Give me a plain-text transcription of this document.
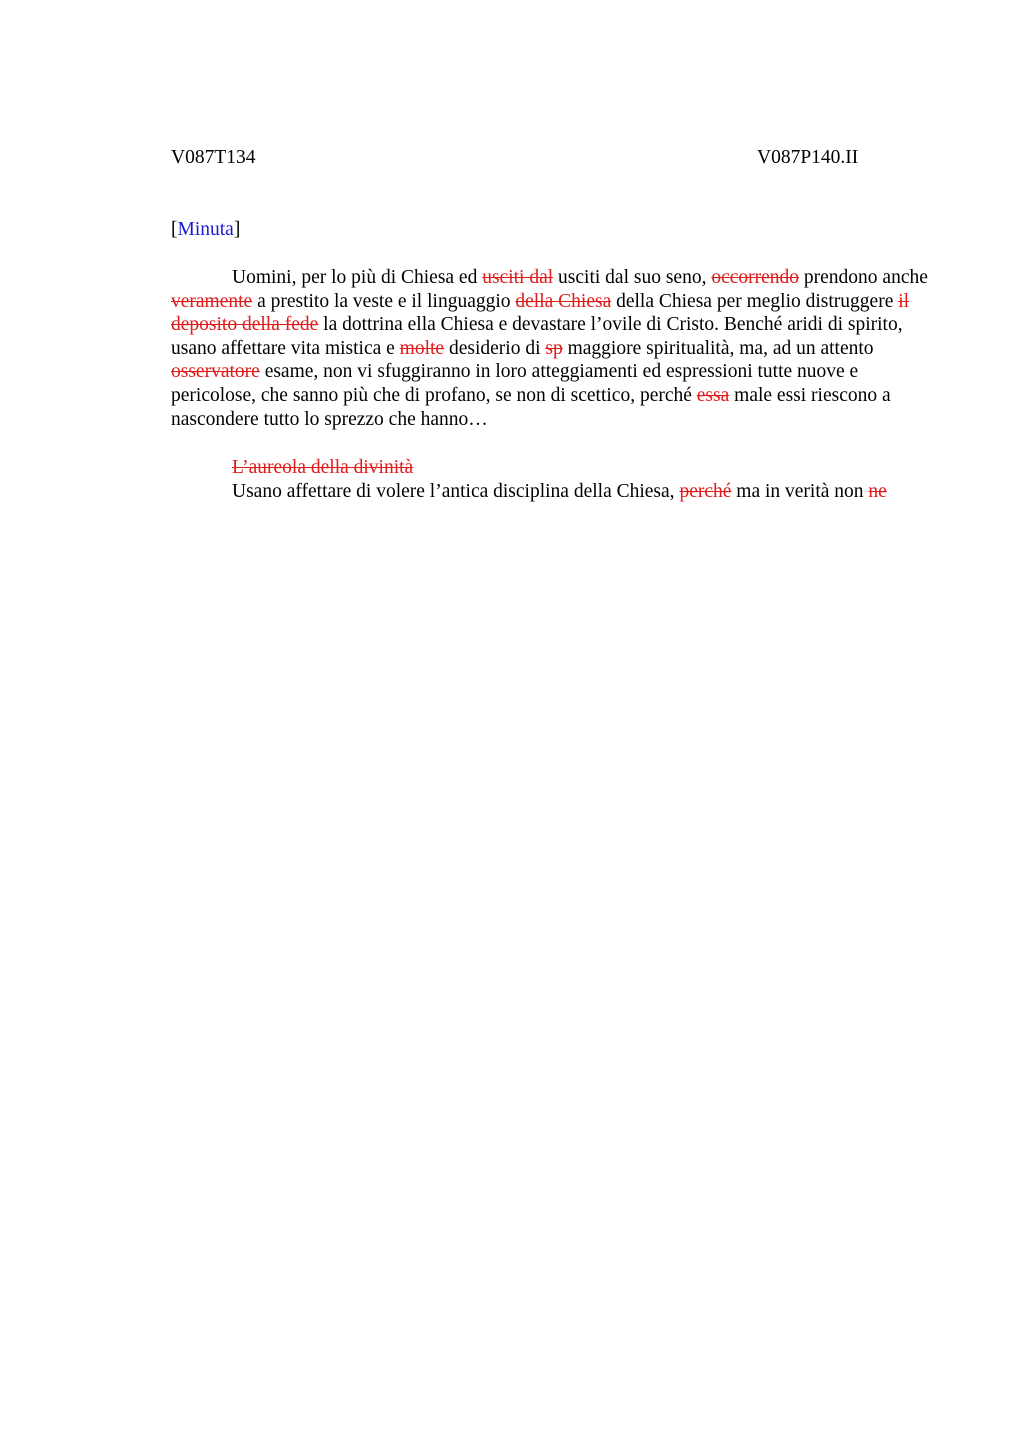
V087T134	V087P140.II
[Minuta]

Uomini, per lo più di Chiesa ed usciti dal usciti dal suo seno, occorrendo prendono anche veramente a prestito la veste e il linguaggio della Chiesa della Chiesa per meglio distruggere il deposito della fede la dottrina ella Chiesa e devastare l’ovile di Cristo. Benché aridi di spirito, usano affettare vita mistica e molte desiderio di sp maggiore spiritualità, ma, ad un attento osservatore esame, non vi sfuggiranno in loro atteggiamenti ed espressioni tutte nuove e pericolose, che sanno più che di profano, se non di scettico, perché essa male essi riescono a nascondere tutto lo sprezzo che hanno…

L’aureola della divinità

Usano affettare di volere l’antica disciplina della Chiesa, perché ma in verità non ne
